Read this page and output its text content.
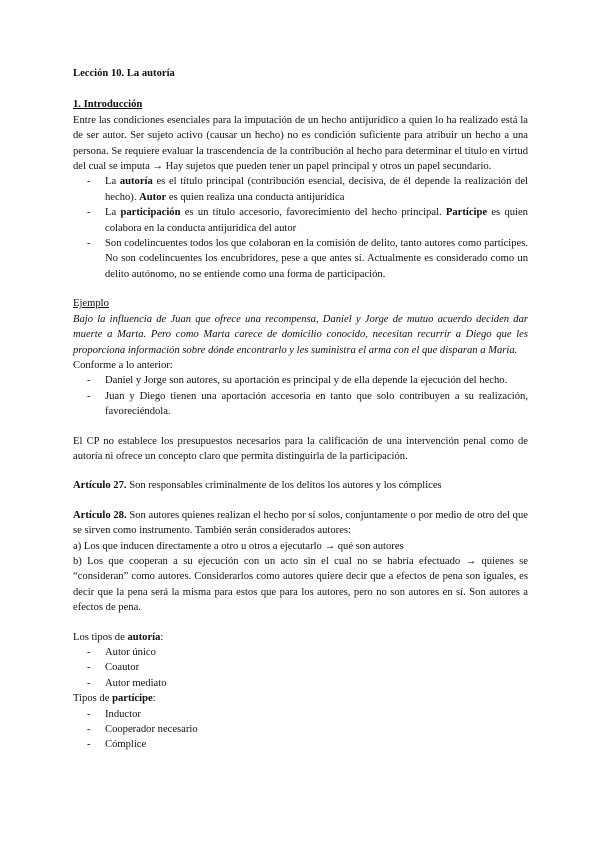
Lección 10. La autoría

1. Introducción

Entre las condiciones esenciales para la imputación de un hecho antijurídico a quien lo ha realizado está la de ser autor. Ser sujeto activo (causar un hecho) no es condición suficiente para atribuir un hecho a una persona. Se requiere evaluar la trascendencia de la contribución al hecho para determinar el título en virtud del cual se imputa → Hay sujetos que pueden tener un papel principal y otros un papel secundario.

- La autoría es el título principal (contribución esencial, decisiva, de él depende la realización del hecho). Autor es quien realiza una conducta antijurídica
- La participación es un título accesorio, favorecimiento del hecho principal. Partícipe es quien colabora en la conducta antijurídica del autor
- Son codelincuentes todos los que colaboran en la comisión de delito, tanto autores como partícipes. No son codelincuentes los encubridores, pese a que antes sí. Actualmente es considerado como un delito autónomo, no se entiende como una forma de participación.

Ejemplo

Bajo la influencia de Juan que ofrece una recompensa, Daniel y Jorge de mutuo acuerdo deciden dar muerte a Marta. Pero como Marta carece de domicilio conocido, necesitan recurrir a Diego que les proporciona información sobre dónde encontrarlo y les suministra el arma con el que disparan a María.

Conforme a lo anterior:

- Daniel y Jorge son autores, su aportación es principal y de ella depende la ejecución del hecho.
- Juan y Diego tienen una aportación accesoria en tanto que solo contribuyen a su realización, favoreciéndola.

El CP no establece los presupuestos necesarios para la calificación de una intervención penal como de autoría ni ofrece un concepto claro que permita distinguirla de la participación.

Artículo 27. Son responsables criminalmente de los delitos los autores y los cómplices

Artículo 28. Son autores quienes realizan el hecho por sí solos, conjuntamente o por medio de otro del que se sirven como instrumento. También serán considerados autores:

a) Los que inducen directamente a otro u otros a ejecutarlo → qué son autores

b) Los que cooperan a su ejecución con un acto sin el cual no se habría efectuado → quienes se “consideran” como autores. Considerarlos como autores quiere decir que a efectos de pena son iguales, es decir que la pena será la misma para estos que para los autores, pero no son autores en sí. Son autores a efectos de pena.

Los tipos de autoría:

- Autor único
- Coautor
- Autor mediato

Tipos de partícipe:

- Inductor
- Cooperador necesario
- Cómplice
